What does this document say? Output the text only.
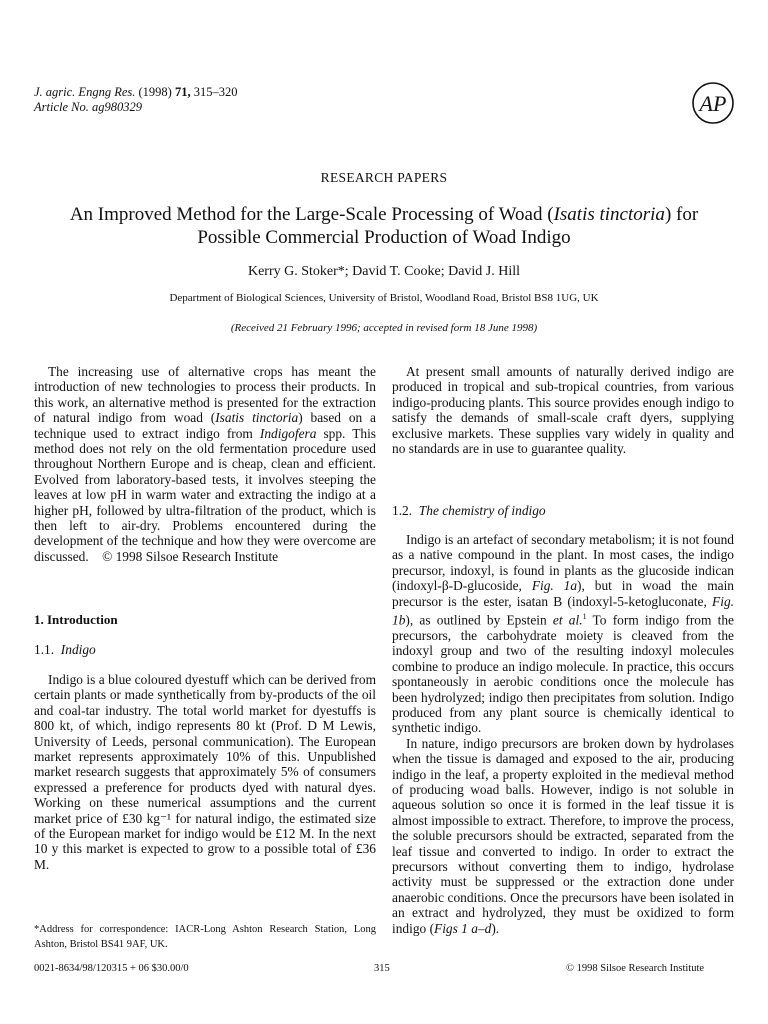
J. agric. Engng Res. (1998) 71, 315–320
Article No. ag980329	AP
RESEARCH PAPERS
An Improved Method for the Large-Scale Processing of Woad (Isatis tinctoria) for
Possible Commercial Production of Woad Indigo
Kerry G. Stoker*; David T. Cooke; David J. Hill
Department of Biological Sciences, University of Bristol, Woodland Road, Bristol BS8 1UG, UK
(Received 21 February 1996; accepted in revised form 18 June 1998)

The increasing use of alternative crops has meant the introduction of new technologies to process their products. In this work, an alternative method is presented for the extraction of natural indigo from woad (Isatis tinctoria) based on a technique used to extract indigo from Indigofera spp. This method does not rely on the old fermentation procedure used throughout Northern Europe and is cheap, clean and efficient. Evolved from laboratory-based tests, it involves steeping the leaves at low pH in warm water and extracting the indigo at a higher pH, followed by ultra-filtration of the product, which is then left to air-dry. Problems encountered during the development of the technique and how they were overcome are discussed. © 1998 Silsoe Research Institute

1. Introduction
1.1. Indigo

Indigo is a blue coloured dyestuff which can be derived from certain plants or made synthetically from by-products of the oil and coal-tar industry. The total world market for dyestuffs is 800 kt, of which, indigo represents 80 kt (Prof. D M Lewis, University of Leeds, personal communication). The European market represents approximately 10% of this. Unpublished market research suggests that approximately 5% of consumers expressed a preference for products dyed with natural dyes. Working on these numerical assumptions and the current market price of £30 kg⁻¹ for natural indigo, the estimated size of the European market for indigo would be £12 M. In the next 10 y this market is expected to grow to a possible total of £36 M.

*Address for correspondence: IACR-Long Ashton Research Station, Long Ashton, Bristol BS41 9AF, UK.

At present small amounts of naturally derived indigo are produced in tropical and sub-tropical countries, from various indigo-producing plants. This source provides enough indigo to satisfy the demands of small-scale craft dyers, supplying exclusive markets. These supplies vary widely in quality and no standards are in use to guarantee quality.

1.2. The chemistry of indigo

Indigo is an artefact of secondary metabolism; it is not found as a native compound in the plant. In most cases, the indigo precursor, indoxyl, is found in plants as the glucoside indican (indoxyl-β-D-glucoside, Fig. 1a), but in woad the main precursor is the ester, isatan B (indoxyl-5-ketogluconate, Fig. 1b), as outlined by Epstein et al.$^1$ To form indigo from the precursors, the carbohydrate moiety is cleaved from the indoxyl group and two of the resulting indoxyl molecules combine to produce an indigo molecule. In practice, this occurs spontaneously in aerobic conditions once the molecule has been hydrolyzed; indigo then precipitates from solution. Indigo produced from any plant source is chemically identical to synthetic indigo.

In nature, indigo precursors are broken down by hydrolases when the tissue is damaged and exposed to the air, producing indigo in the leaf, a property exploited in the medieval method of producing woad balls. However, indigo is not soluble in aqueous solution so once it is formed in the leaf tissue it is almost impossible to extract. Therefore, to improve the process, the soluble precursors should be extracted, separated from the leaf tissue and converted to indigo. In order to extract the precursors without converting them to indigo, hydrolase activity must be suppressed or the extraction done under anaerobic conditions. Once the precursors have been isolated in an extract and hydrolyzed, they must be oxidized to form indigo (Figs 1 a–d).

0021-8634/98/120315 + 06 $30.00/0	315	© 1998 Silsoe Research Institute
